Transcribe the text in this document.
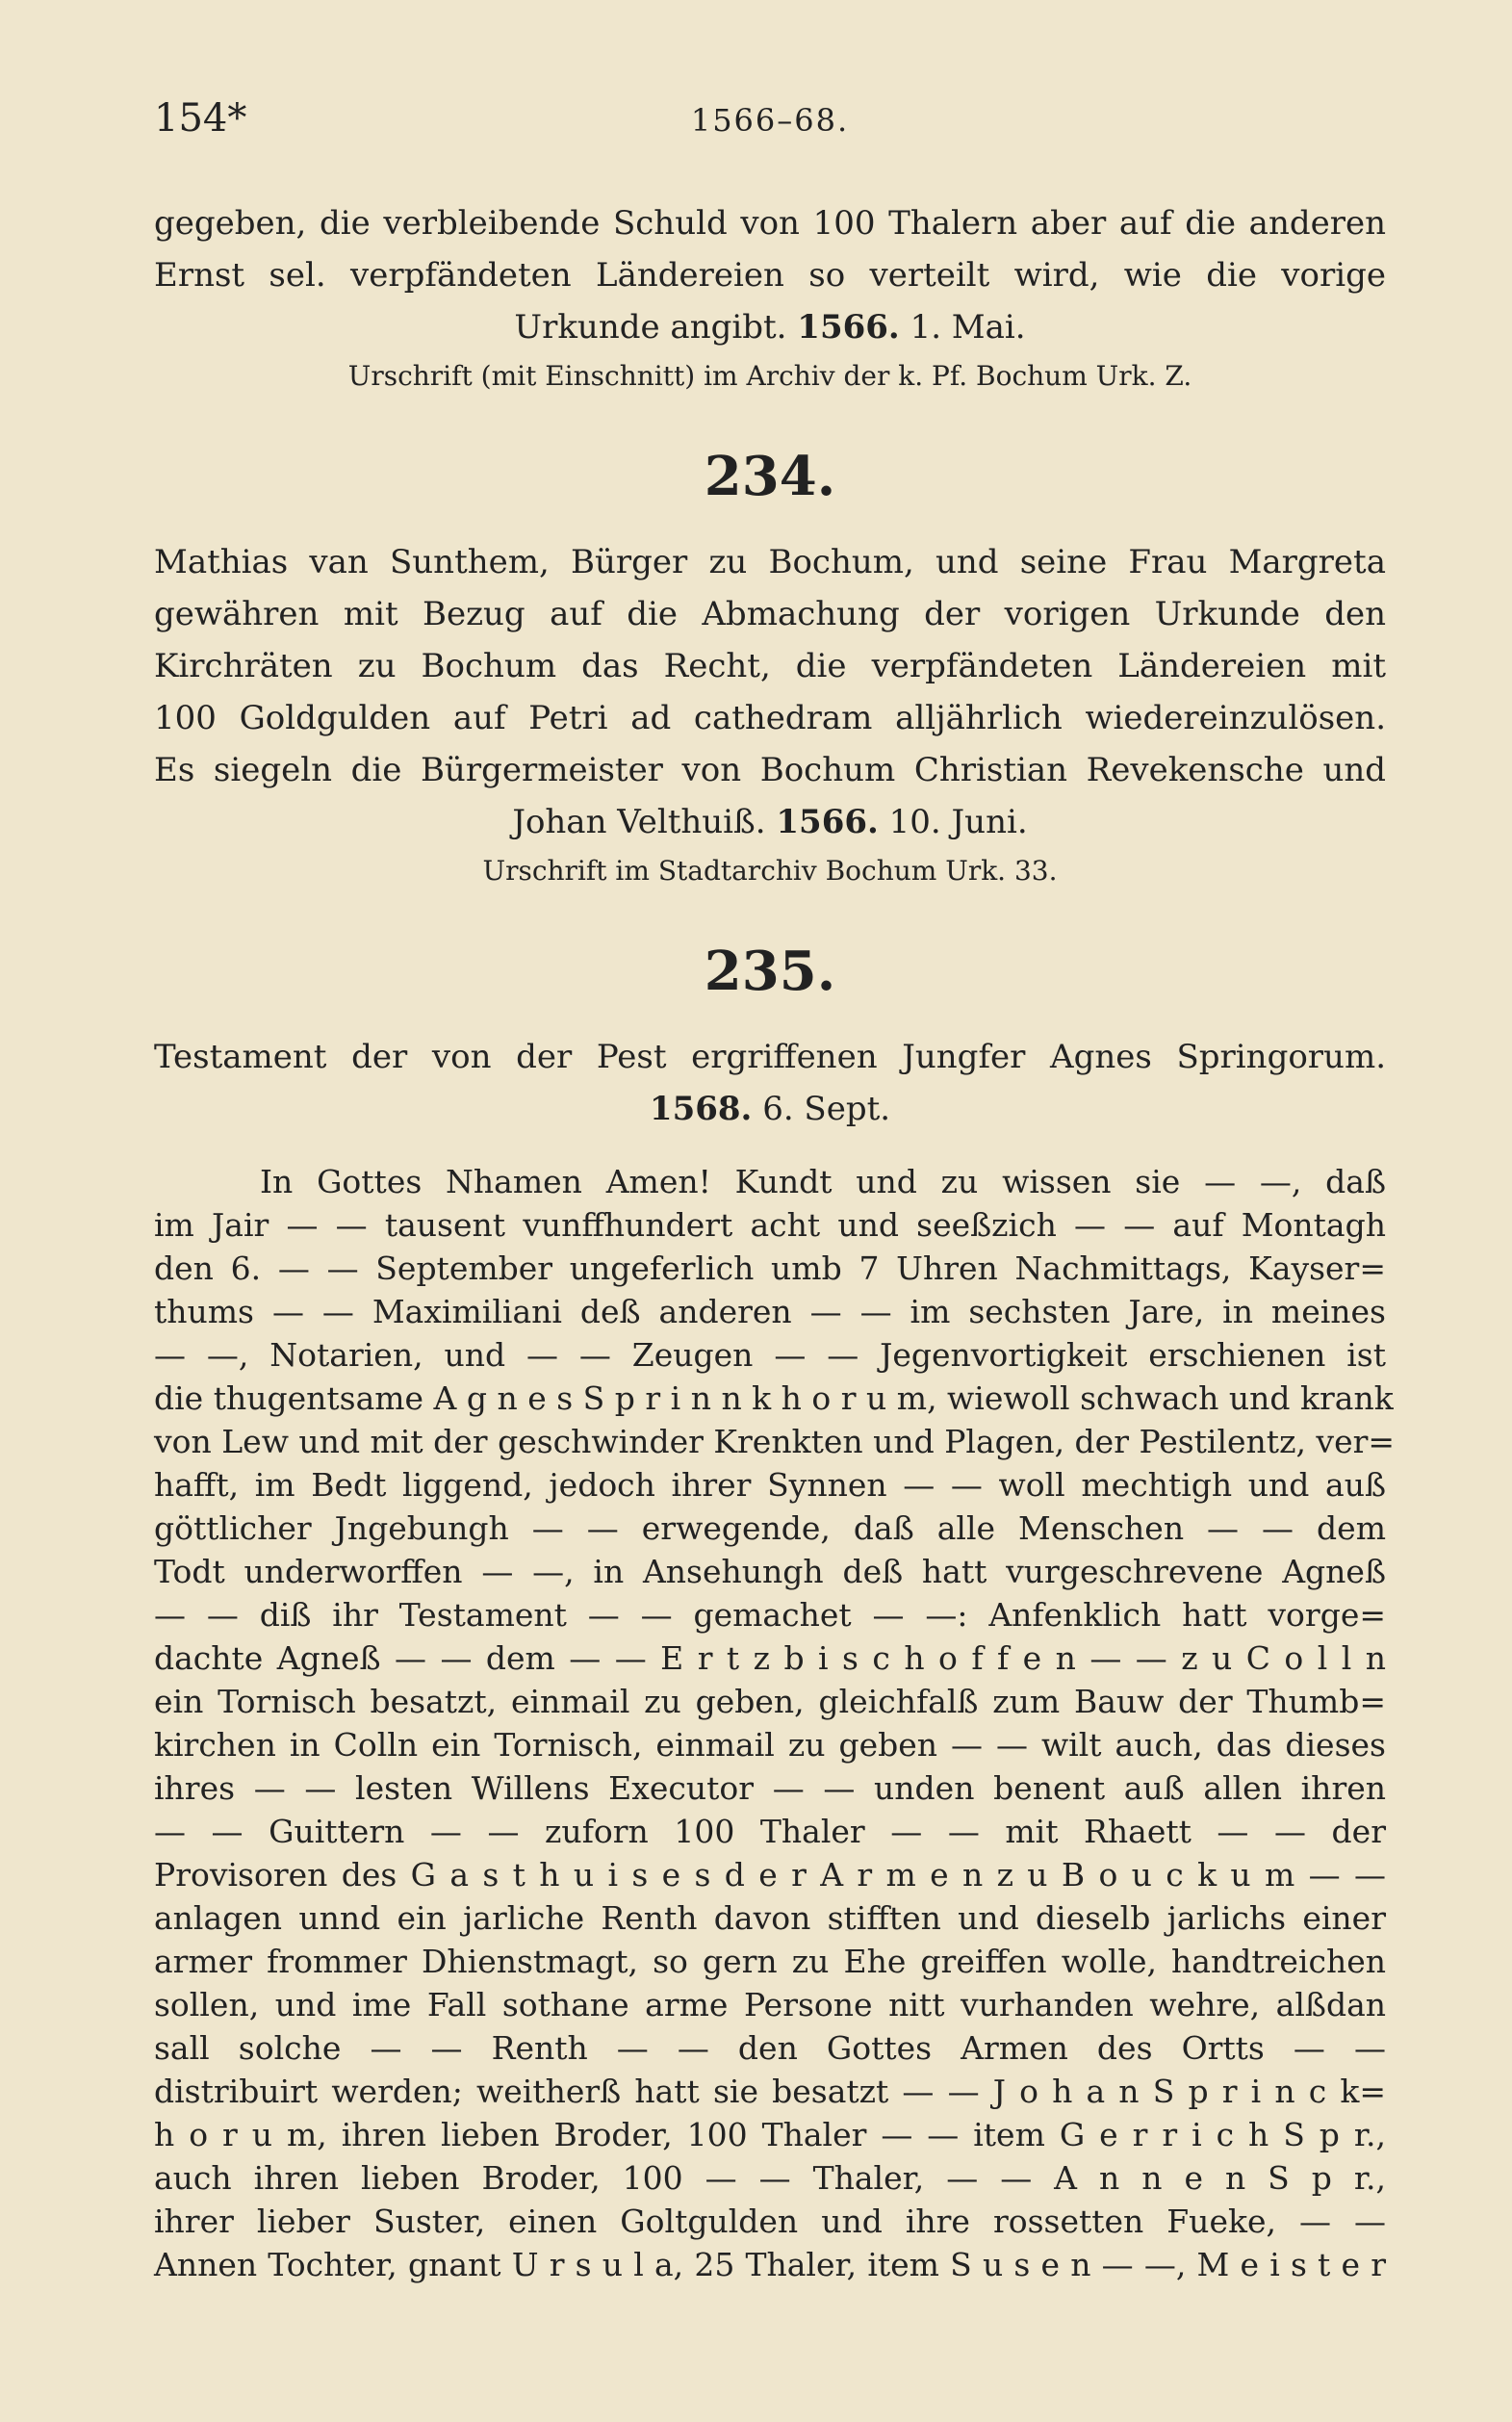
154*	1566–68.
gegeben, die verbleibende Schuld von 100 Thalern aber auf die anderen
Ernst sel. verpfändeten Ländereien so verteilt wird, wie die vorige
Urkunde angibt. 1566. 1. Mai.
Urschrift (mit Einschnitt) im Archiv der k. Pf. Bochum Urk. Z.
234.
Mathias van Sunthem, Bürger zu Bochum, und seine Frau Margreta
gewähren mit Bezug auf die Abmachung der vorigen Urkunde den
Kirchräten zu Bochum das Recht, die verpfändeten Ländereien mit
100 Goldgulden auf Petri ad cathedram alljährlich wiedereinzulösen.
Es siegeln die Bürgermeister von Bochum Christian Revekensche und
Johan Velthuiß. 1566. 10. Juni.
Urschrift im Stadtarchiv Bochum Urk. 33.
235.
Testament der von der Pest ergriffenen Jungfer Agnes Springorum.
1568. 6. Sept.
In Gottes Nhamen Amen! Kundt und zu wissen sie — —, daß
im Jair — — tausent vunffhundert acht und seeßzich — — auf Montagh
den 6. — — September ungeferlich umb 7 Uhren Nachmittags, Kayser=
thums — — Maximiliani deß anderen — — im sechsten Jare, in meines
— —, Notarien, und — — Zeugen — — Jegenvortigkeit erschienen ist
die thugentsame A g n e s S p r i n n k h o r u m, wiewoll schwach und krank
von Lew und mit der geschwinder Krenkten und Plagen, der Pestilentz, ver=
hafft, im Bedt liggend, jedoch ihrer Synnen — — woll mechtigh und auß
göttlicher Jngebungh — — erwegende, daß alle Menschen — — dem
Todt underworffen — —, in Ansehungh deß hatt vurgeschrevene Agneß
— — diß ihr Testament — — gemachet — —: Anfenklich hatt vorge=
dachte Agneß — — dem — — E r t z b i s c h o f f e n — — z u C o l l n
ein Tornisch besatzt, einmail zu geben, gleichfalß zum Bauw der Thumb=
kirchen in Colln ein Tornisch, einmail zu geben — — wilt auch, das dieses
ihres — — lesten Willens Executor — — unden benent auß allen ihren
— — Guittern — — zuforn 100 Thaler — — mit Rhaett — — der
Provisoren des G a s t h u i s e s d e r A r m e n z u B o u c k u m — —
anlagen unnd ein jarliche Renth davon stifften und dieselb jarlichs einer
armer frommer Dhienstmagt, so gern zu Ehe greiffen wolle, handtreichen
sollen, und ime Fall sothane arme Persone nitt vurhanden wehre, alßdan
sall solche — — Renth — — den Gottes Armen des Ortts — —
distribuirt werden; weitherß hatt sie besatzt — — J o h a n S p r i n c k=
h o r u m, ihren lieben Broder, 100 Thaler — — item G e r r i c h S p r.,
auch ihren lieben Broder, 100 — — Thaler, — — A n n e n S p r.,
ihrer lieber Suster, einen Goltgulden und ihre rossetten Fueke, — —
Annen Tochter, gnant U r s u l a, 25 Thaler, item S u s e n — —, M e i s t e r
